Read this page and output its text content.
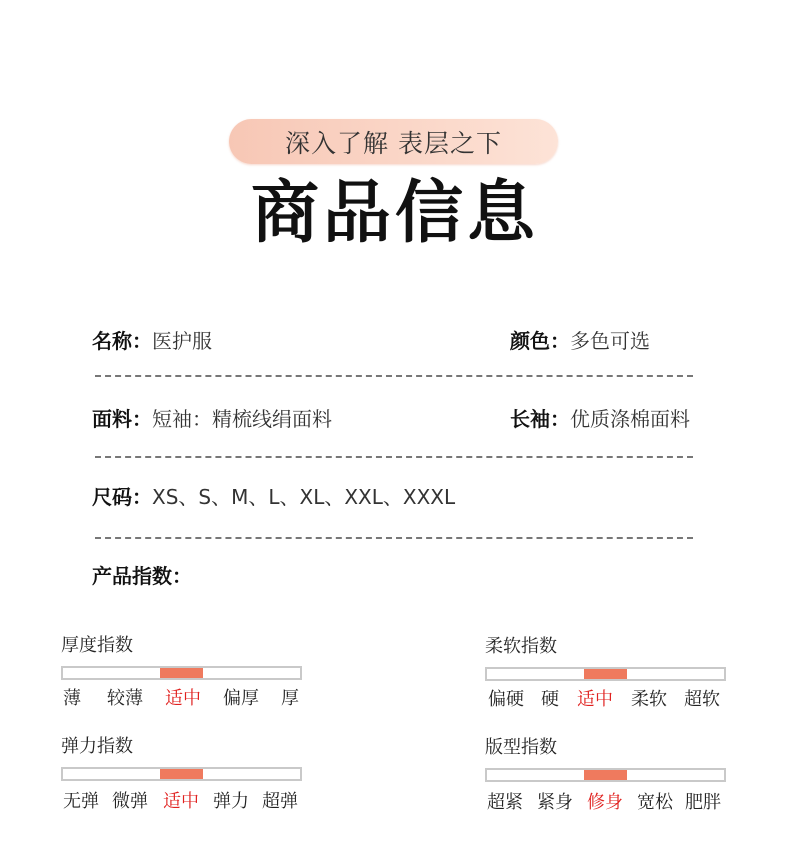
深入了解 表层之下
商品信息
名称：医护服	颜色：多色可选
面料：短袖：精梳线绢面料	长袖：优质涤棉面料
尺码：XS、S、M、L、XL、XXL、XXXL
产品指数：
厚度指数
薄 较薄 适中 偏厚 厚
柔软指数
偏硬 硬 适中 柔软 超软
弹力指数
无弹 微弹 适中 弹力 超弹
版型指数
超紧 紧身 修身 宽松 肥胖
